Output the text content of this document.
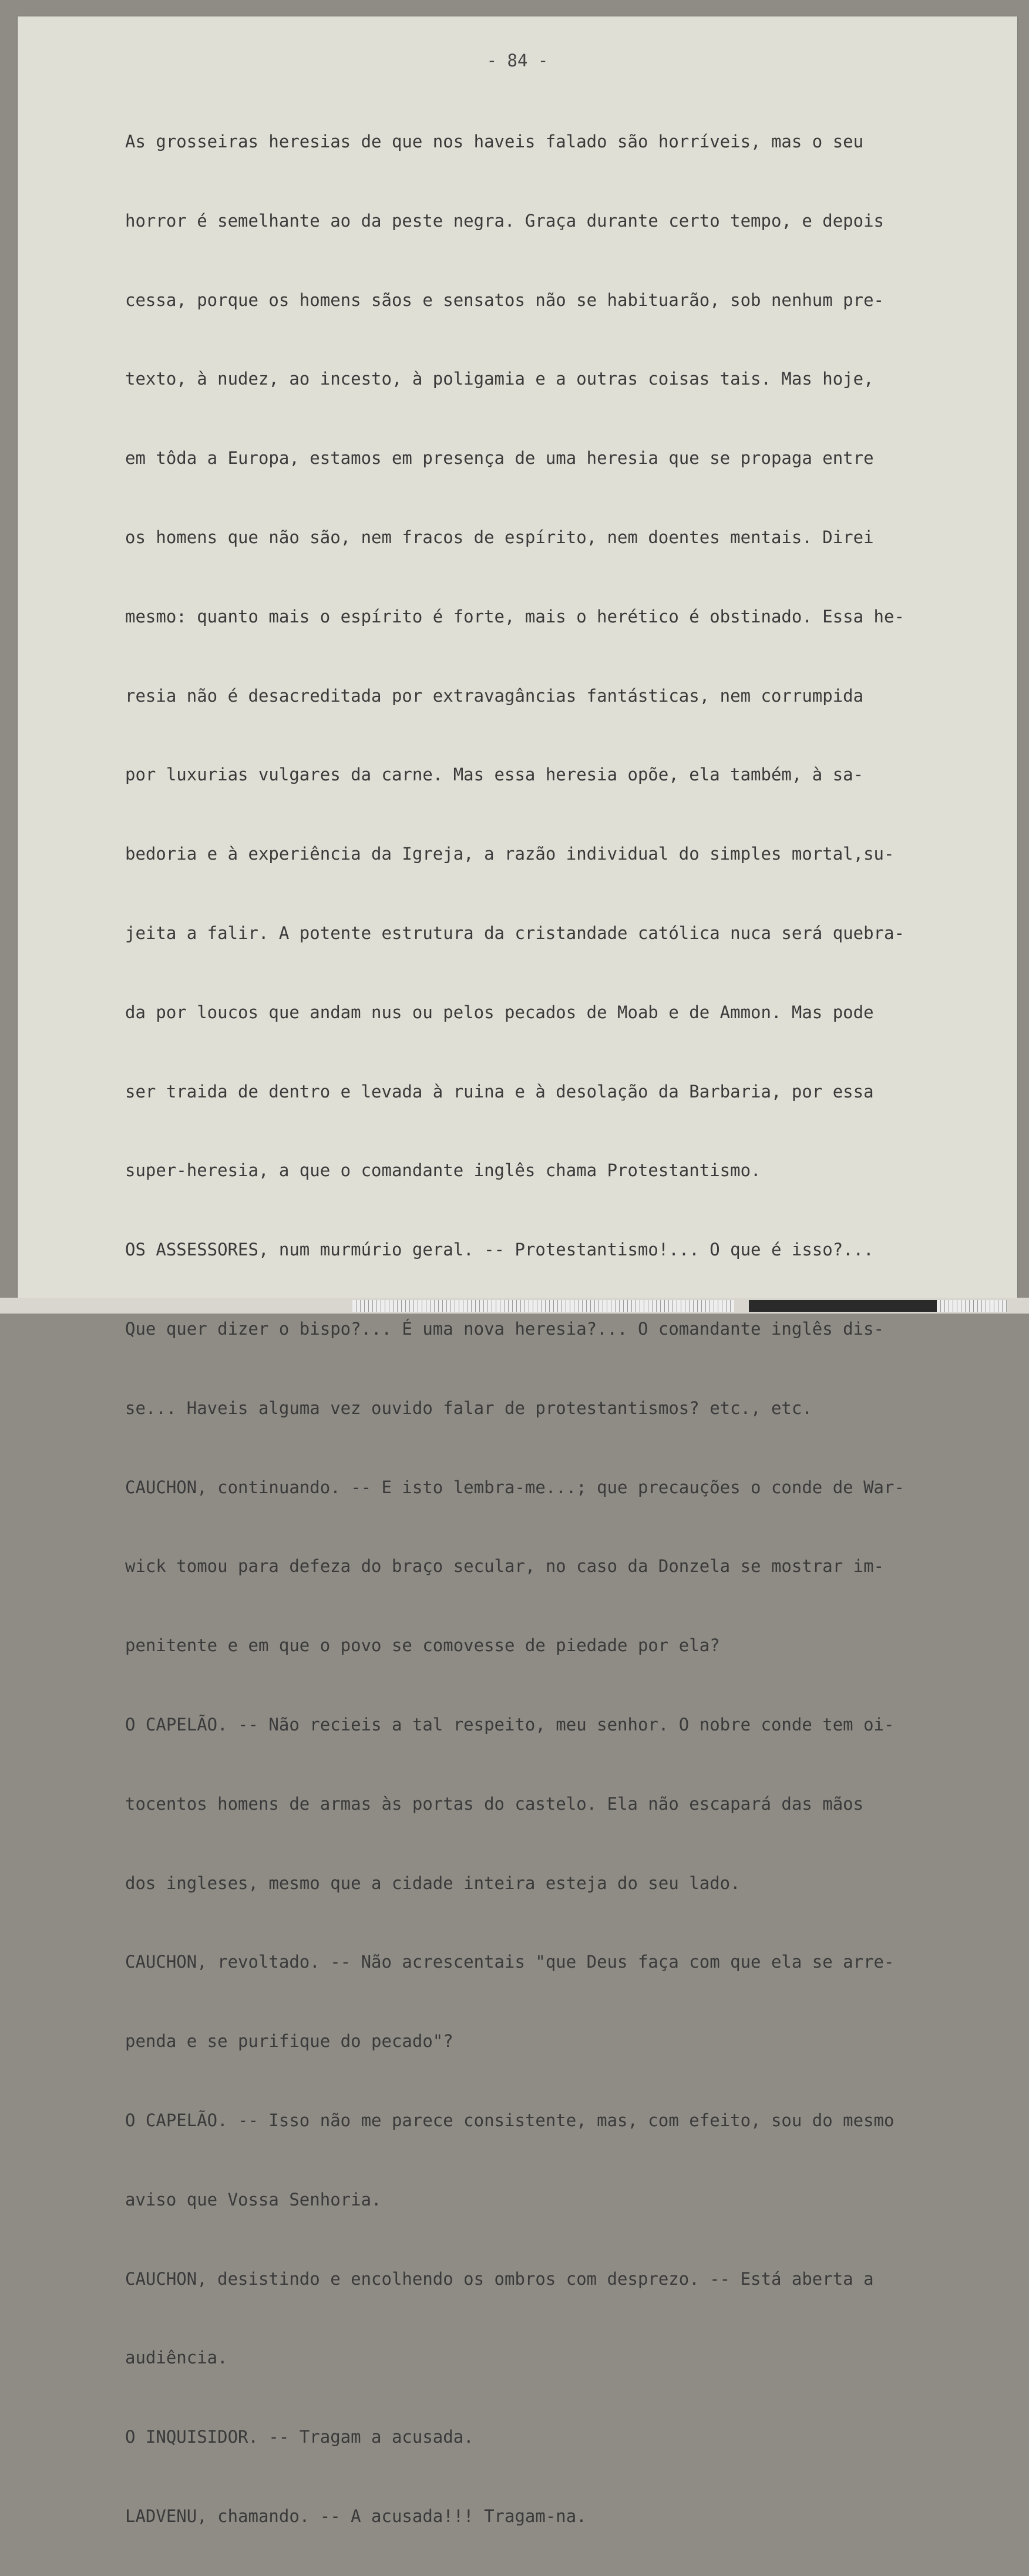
- 84 -

As grosseiras heresias de que nos haveis falado são horríveis, mas o seu

horror é semelhante ao da peste negra. Graça durante certo tempo, e depois

cessa, porque os homens sãos e sensatos não se habituarão, sob nenhum pre-

texto, à nudez, ao incesto, à poligamia e a outras coisas tais. Mas hoje,

em tôda a Europa, estamos em presença de uma heresia que se propaga entre

os homens que não são, nem fracos de espírito, nem doentes mentais. Direi

mesmo: quanto mais o espírito é forte, mais o herético é obstinado. Essa he-

resia não é desacreditada por extravagâncias fantásticas, nem corrumpida

por luxurias vulgares da carne. Mas essa heresia opõe, ela também, à sa-

bedoria e à experiência da Igreja, a razão individual do simples mortal,su-

jeita a falir. A potente estrutura da cristandade católica nuca será quebra-

da por loucos que andam nus ou pelos pecados de Moab e de Ammon. Mas pode

ser traida de dentro e levada à ruina e à desolação da Barbaria, por essa

super-heresia, a que o comandante inglês chama Protestantismo.

OS ASSESSORES, num murmúrio geral. -- Protestantismo!... O que é isso?...

Que quer dizer o bispo?... É uma nova heresia?... O comandante inglês dis-

se... Haveis alguma vez ouvido falar de protestantismos? etc., etc.

CAUCHON, continuando. -- E isto lembra-me...; que precauções o conde de War-

wick tomou para defeza do braço secular, no caso da Donzela se mostrar im-

penitente e em que o povo se comovesse de piedade por ela?

O CAPELÃO. -- Não recieis a tal respeito, meu senhor. O nobre conde tem oi-

tocentos homens de armas às portas do castelo. Ela não escapará das mãos

dos ingleses, mesmo que a cidade inteira esteja do seu lado.

CAUCHON, revoltado. -- Não acrescentais "que Deus faça com que ela se arre-

penda e se purifique do pecado"?

O CAPELÃO. -- Isso não me parece consistente, mas, com efeito, sou do mesmo

aviso que Vossa Senhoria.

CAUCHON, desistindo e encolhendo os ombros com desprezo. -- Está aberta a

audiência.

O INQUISIDOR. -- Tragam a acusada.

LADVENU, chamando. -- A acusada!!! Tragam-na.
